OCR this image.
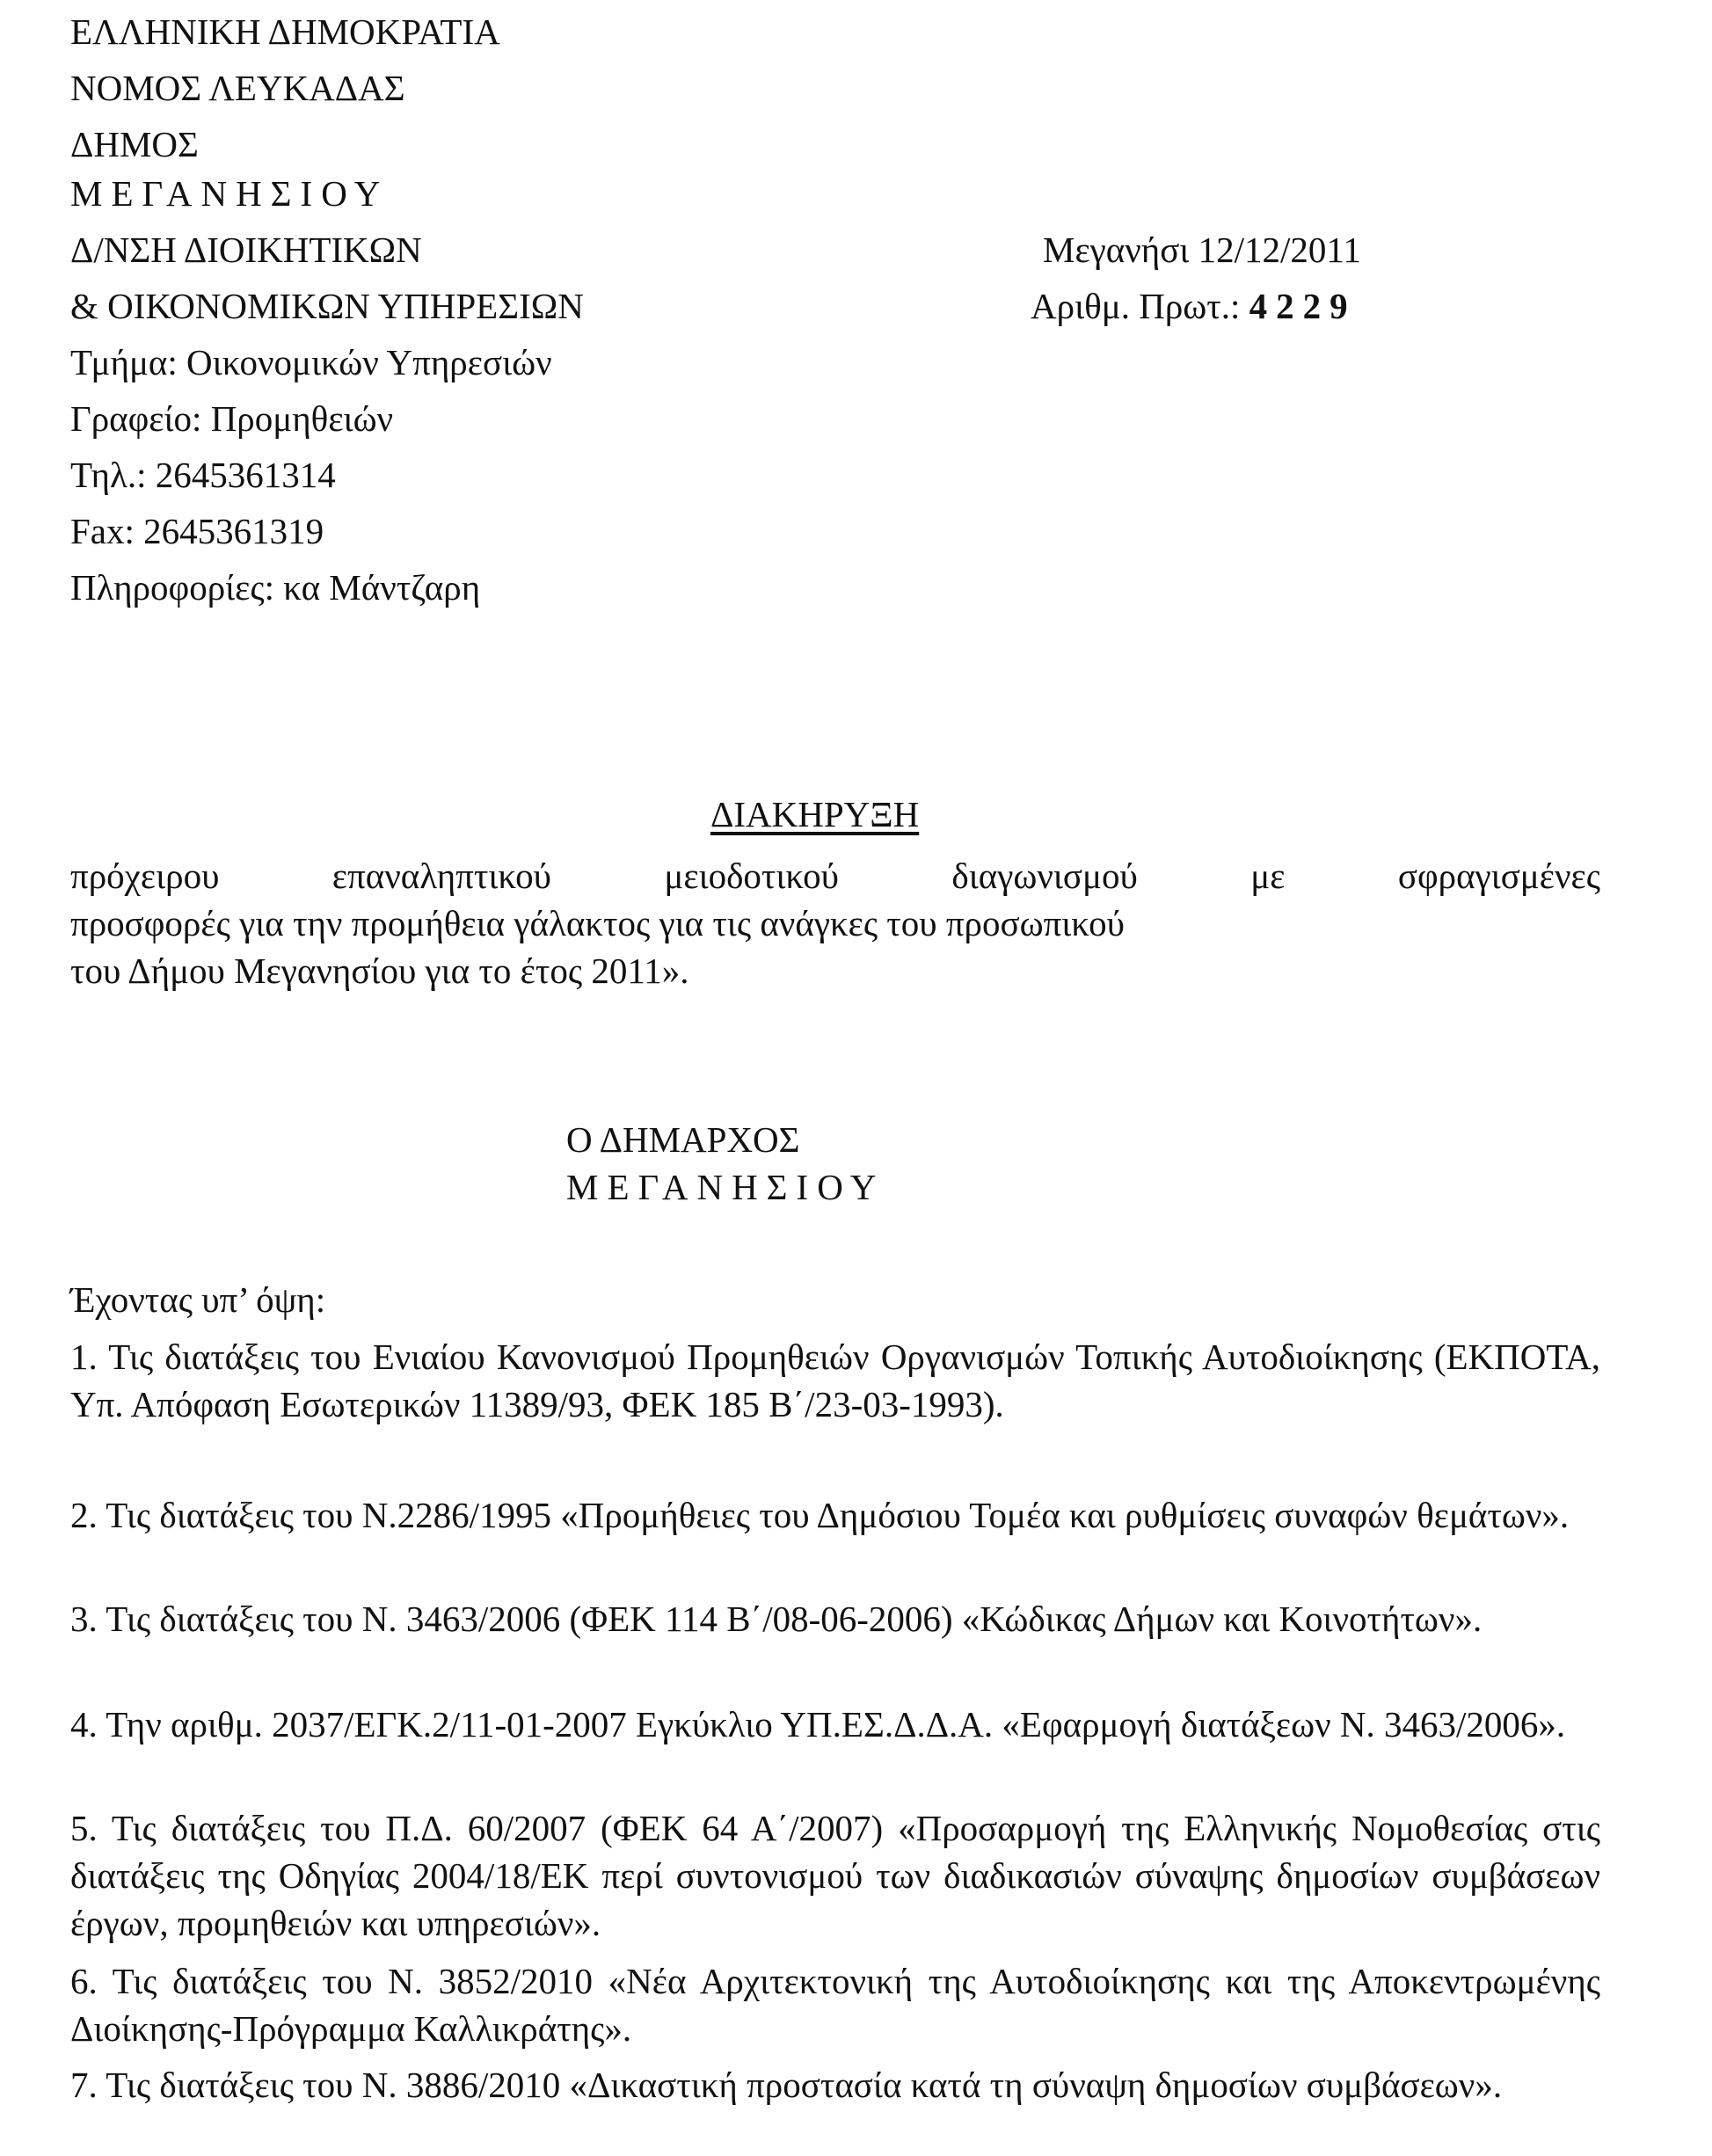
ΕΛΛΗΝΙΚΗ ΔΗΜΟΚΡΑΤΙΑ
ΝΟΜΟΣ ΛΕΥΚΑΔΑΣ
ΔΗΜΟΣ
ΜΕΓΑΝΗΣΙΟΥ
Δ/ΝΣΗ ΔΙΟΙΚΗΤΙΚΩΝ
& ΟΙΚΟΝΟΜΙΚΩΝ ΥΠΗΡΕΣΙΩΝ
Τμήμα: Οικονομικών Υπηρεσιών
Γραφείο: Προμηθειών
Τηλ.: 2645361314
Fax: 2645361319
Πληροφορίες: κα Μάντζαρη
Μεγανήσι 12/12/2011
Αριθμ. Πρωτ.: 4229
ΔΙΑΚΗΡΥΞΗ
πρόχειρου επαναληπτικού μειοδοτικού διαγωνισμού με σφραγισμένες
προσφορές για την προμήθεια γάλακτος για τις ανάγκες του προσωπικού
του Δήμου Μεγανησίου για το έτος 2011».
Ο ΔΗΜΑΡΧΟΣ
ΜΕΓΑΝΗΣΙΟΥ
Έχοντας υπ’ όψη:
1. Τις διατάξεις του Ενιαίου Κανονισμού Προμηθειών Οργανισμών Τοπικής Αυτοδιοίκησης (ΕΚΠΟΤΑ, Υπ. Απόφαση Εσωτερικών 11389/93, ΦΕΚ 185 Β΄/23-03-1993).
2. Τις διατάξεις του Ν.2286/1995 «Προμήθειες του Δημόσιου Τομέα και ρυθμίσεις συναφών θεμάτων».
3. Τις διατάξεις του Ν. 3463/2006 (ΦΕΚ 114 Β΄/08-06-2006) «Κώδικας Δήμων και Κοινοτήτων».
4. Την αριθμ. 2037/ΕΓΚ.2/11-01-2007 Εγκύκλιο ΥΠ.ΕΣ.Δ.Δ.Α. «Εφαρμογή διατάξεων Ν. 3463/2006».
5. Τις διατάξεις του Π.Δ. 60/2007 (ΦΕΚ 64 Α΄/2007) «Προσαρμογή της Ελληνικής Νομοθεσίας στις διατάξεις της Οδηγίας 2004/18/ΕΚ περί συντονισμού των διαδικασιών σύναψης δημοσίων συμβάσεων έργων, προμηθειών και υπηρεσιών».
6. Τις διατάξεις του Ν. 3852/2010 «Νέα Αρχιτεκτονική της Αυτοδιοίκησης και της Αποκεντρωμένης Διοίκησης-Πρόγραμμα Καλλικράτης».
7. Τις διατάξεις του Ν. 3886/2010 «Δικαστική προστασία κατά τη σύναψη δημοσίων συμβάσεων».
